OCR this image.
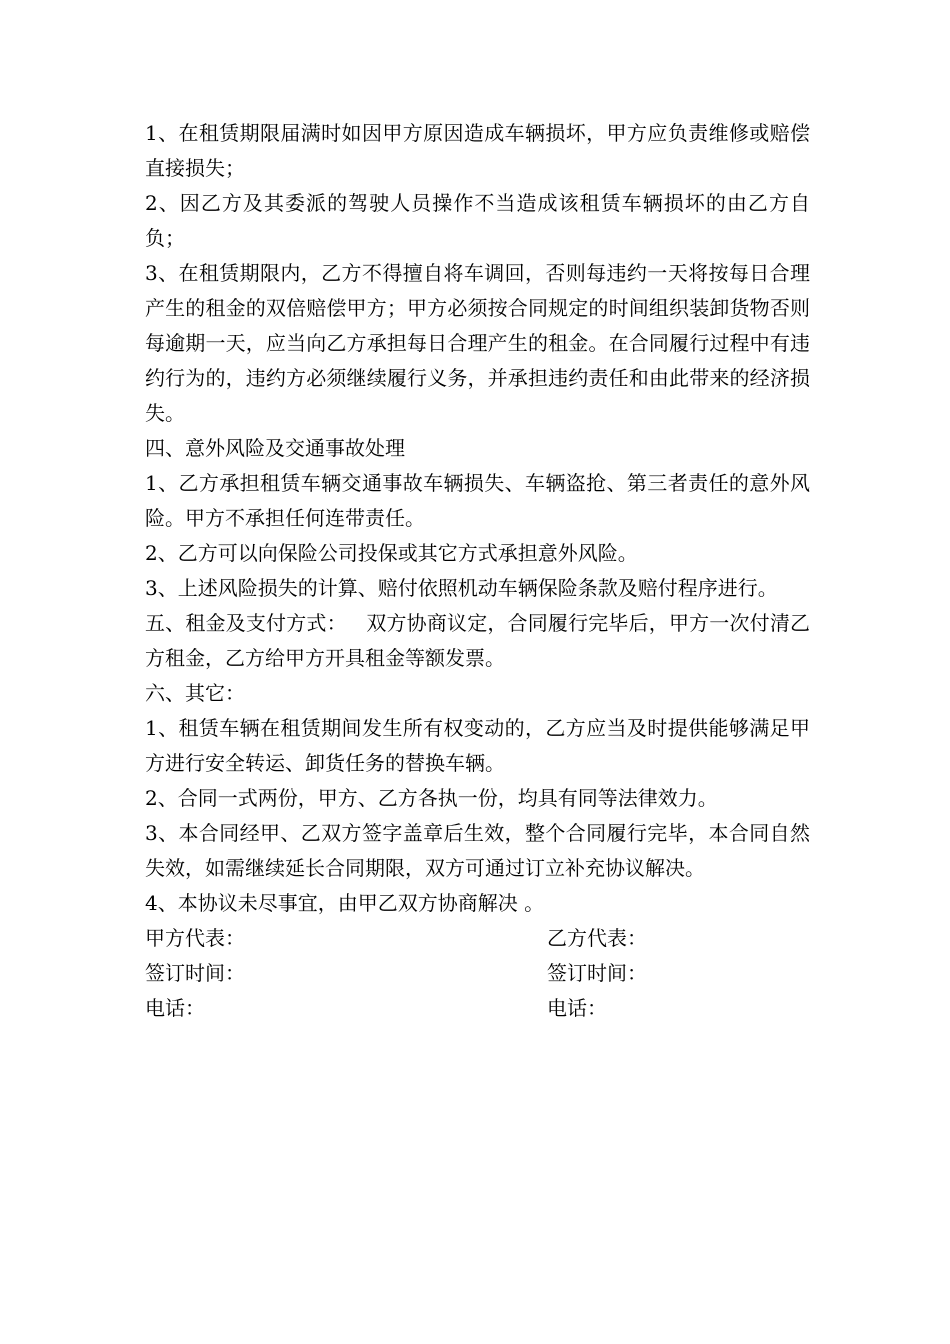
1、在租赁期限届满时如因甲方原因造成车辆损坏，甲方应负责维修或赔偿直接损失；

2、因乙方及其委派的驾驶人员操作不当造成该租赁车辆损坏的由乙方自负；

3、在租赁期限内，乙方不得擅自将车调回，否则每违约一天将按每日合理产生的租金的双倍赔偿甲方；甲方必须按合同规定的时间组织装卸货物否则每逾期一天，应当向乙方承担每日合理产生的租金。在合同履行过程中有违约行为的，违约方必须继续履行义务，并承担违约责任和由此带来的经济损失。

四、意外风险及交通事故处理

1、乙方承担租赁车辆交通事故车辆损失、车辆盗抢、第三者责任的意外风险。甲方不承担任何连带责任。

2、乙方可以向保险公司投保或其它方式承担意外风险。

3、上述风险损失的计算、赔付依照机动车辆保险条款及赔付程序进行。

五、租金及支付方式：   双方协商议定，合同履行完毕后，甲方一次付清乙方租金，乙方给甲方开具租金等额发票。

六、其它：

1、租赁车辆在租赁期间发生所有权变动的，乙方应当及时提供能够满足甲方进行安全转运、卸货任务的替换车辆。

2、合同一式两份，甲方、乙方各执一份，均具有同等法律效力。

3、本合同经甲、乙双方签字盖章后生效，整个合同履行完毕，本合同自然失效，如需继续延长合同期限，双方可通过订立补充协议解决。

4、本协议未尽事宜，由甲乙双方协商解决 。

甲方代表：	乙方代表：
签订时间：	签订时间：
电话：	电话：
